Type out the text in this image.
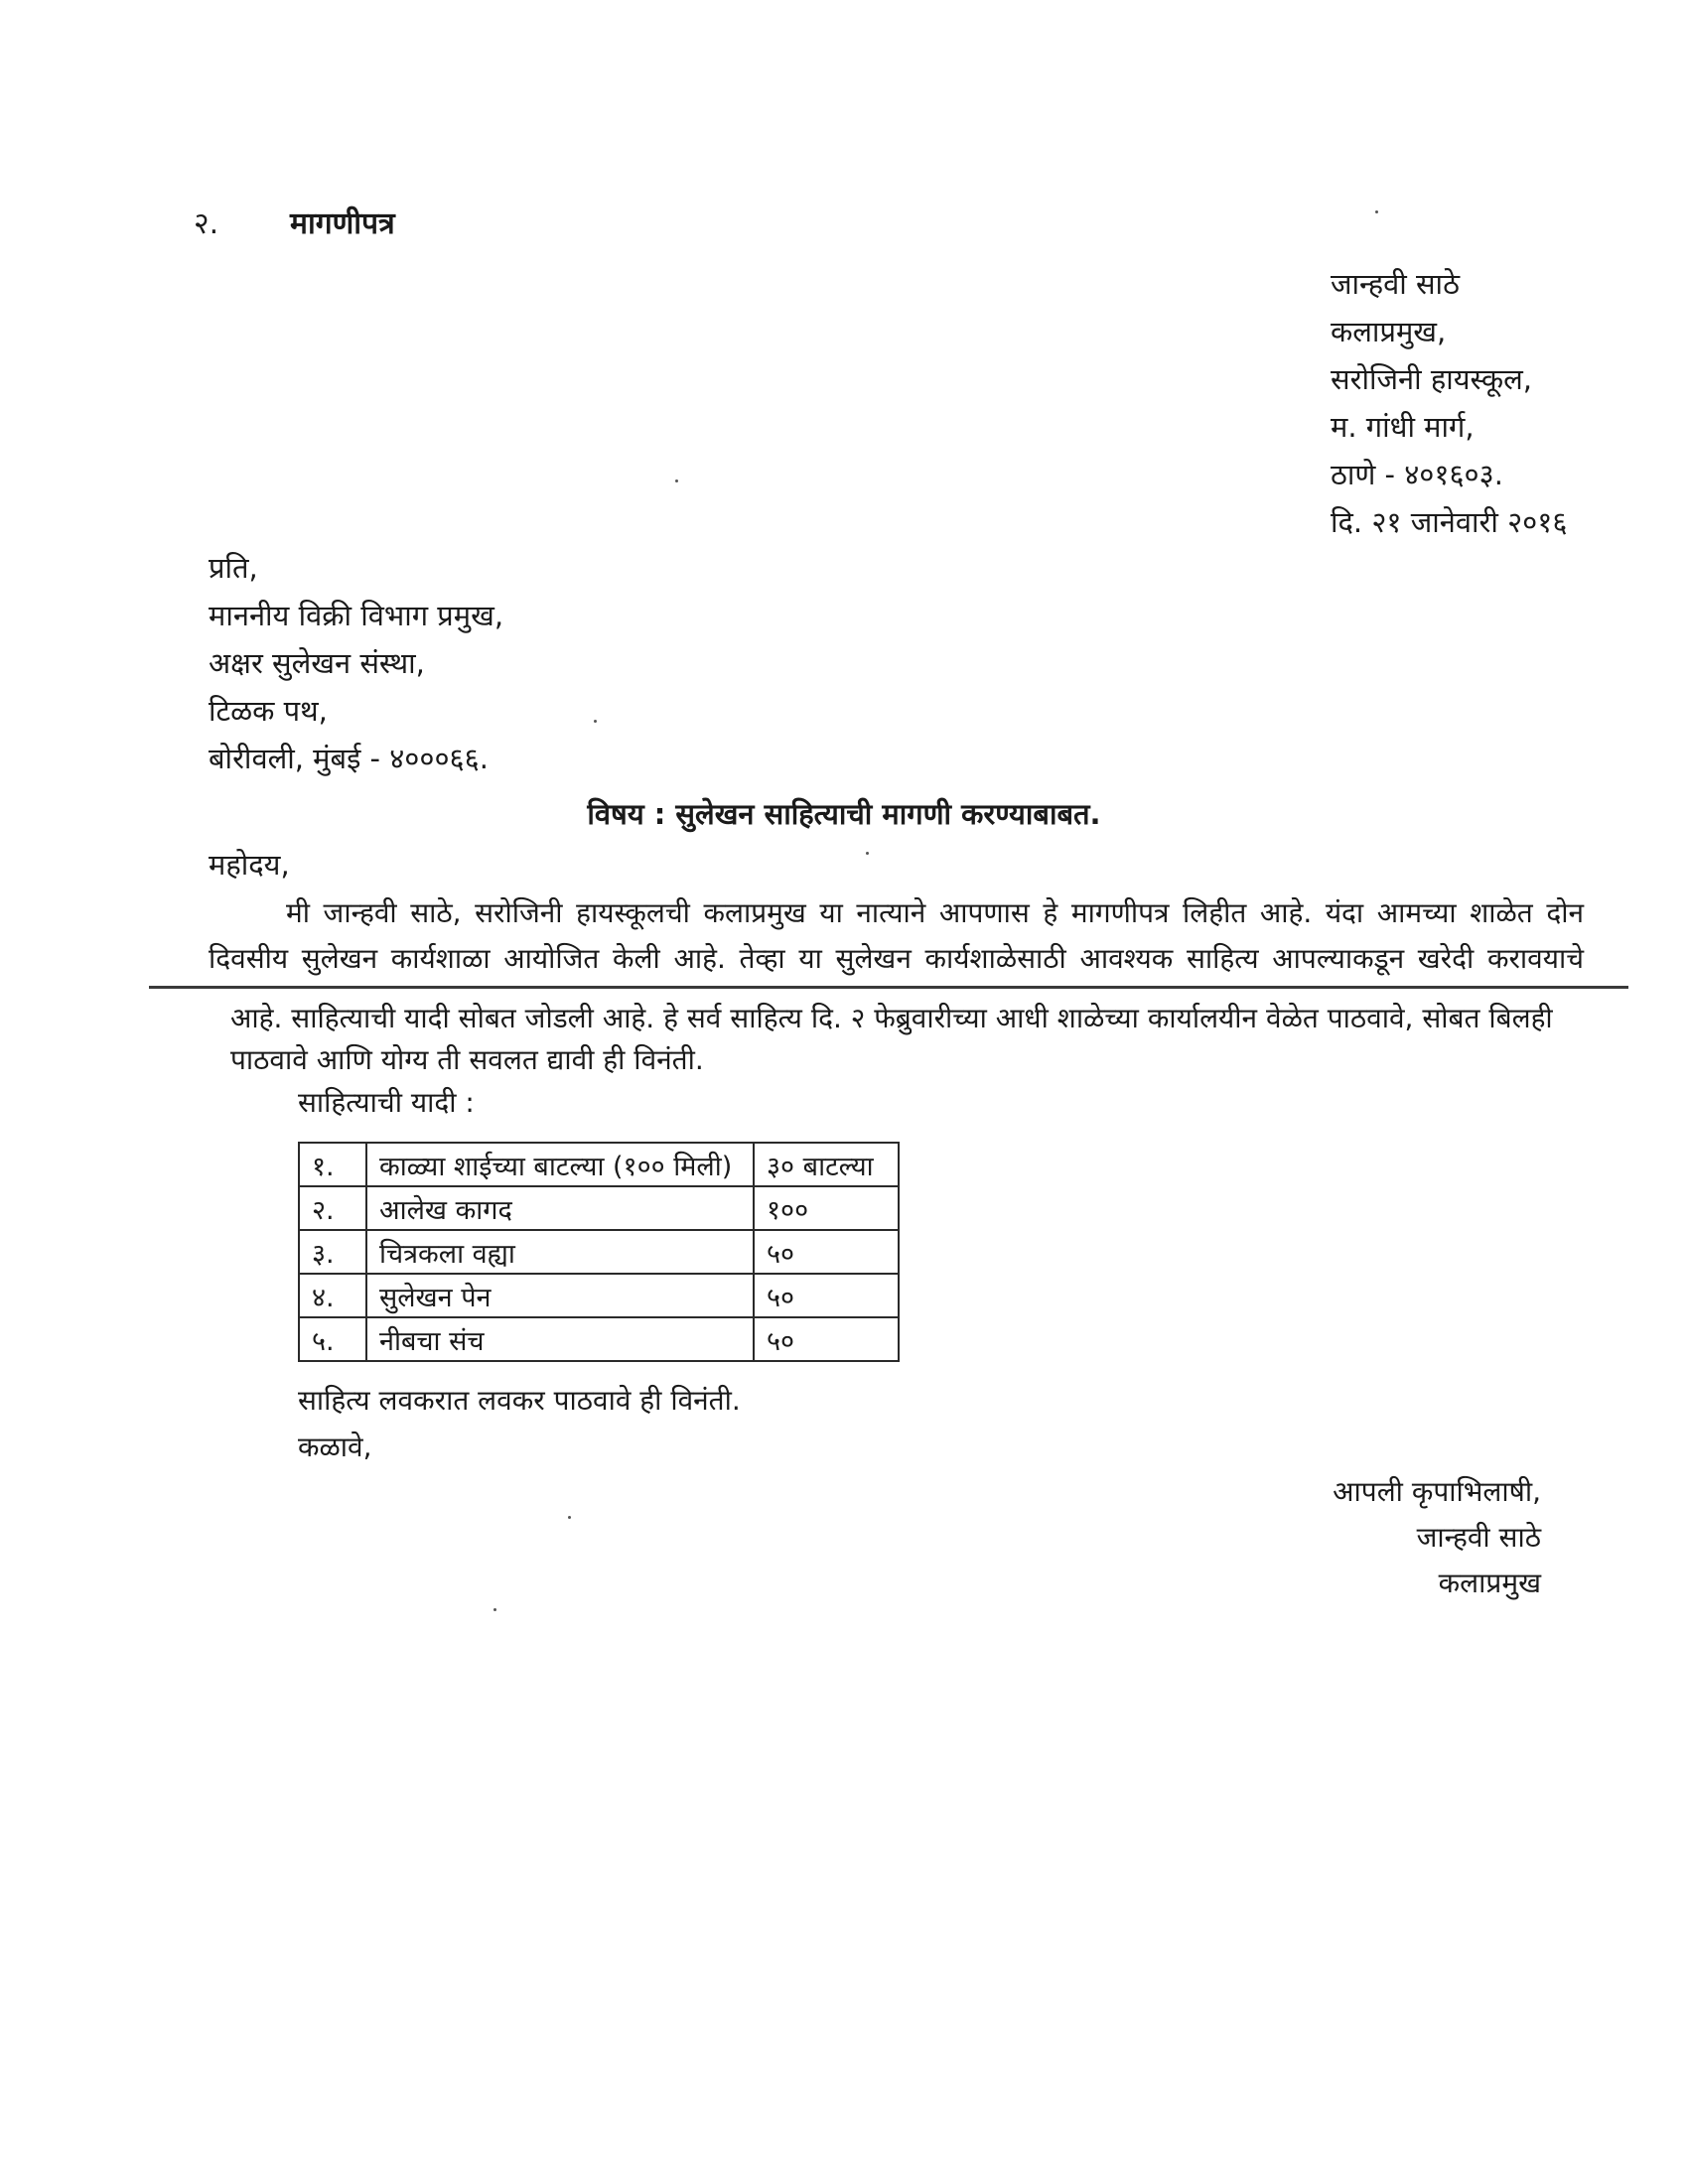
२. मागणीपत्र
जान्हवी साठे
कलाप्रमुख,
सरोजिनी हायस्कूल,
म. गांधी मार्ग,
ठाणे - ४०१६०३.
दि. २१ जानेवारी २०१६
प्रति,
माननीय विक्री विभाग प्रमुख,
अक्षर सुलेखन संस्था,
टिळक पथ,
बोरीवली, मुंबई - ४०००६६.
विषय : सुलेखन साहित्याची मागणी करण्याबाबत.
महोदय,
मी जान्हवी साठे, सरोजिनी हायस्कूलची कलाप्रमुख या नात्याने आपणास हे मागणीपत्र लिहीत आहे. यंदा आमच्या शाळेत दोन
दिवसीय सुलेखन कार्यशाळा आयोजित केली आहे. तेव्हा या सुलेखन कार्यशाळेसाठी आवश्यक साहित्य आपल्याकडून खरेदी करावयाचे
आहे. साहित्याची यादी सोबत जोडली आहे. हे सर्व साहित्य दि. २ फेब्रुवारीच्या आधी शाळेच्या कार्यालयीन वेळेत पाठवावे, सोबत बिलही
पाठवावे आणि योग्य ती सवलत द्यावी ही विनंती.
साहित्याची यादी :
१.	काळ्या शाईच्या बाटल्या (१०० मिली)	३० बाटल्या
२.	आलेख कागद	१००
३.	चित्रकला वह्या	५०
४.	सुलेखन पेन	५०
५.	नीबचा संच	५०
साहित्य लवकरात लवकर पाठवावे ही विनंती.
कळावे,
आपली कृपाभिलाषी,
जान्हवी साठे
कलाप्रमुख
